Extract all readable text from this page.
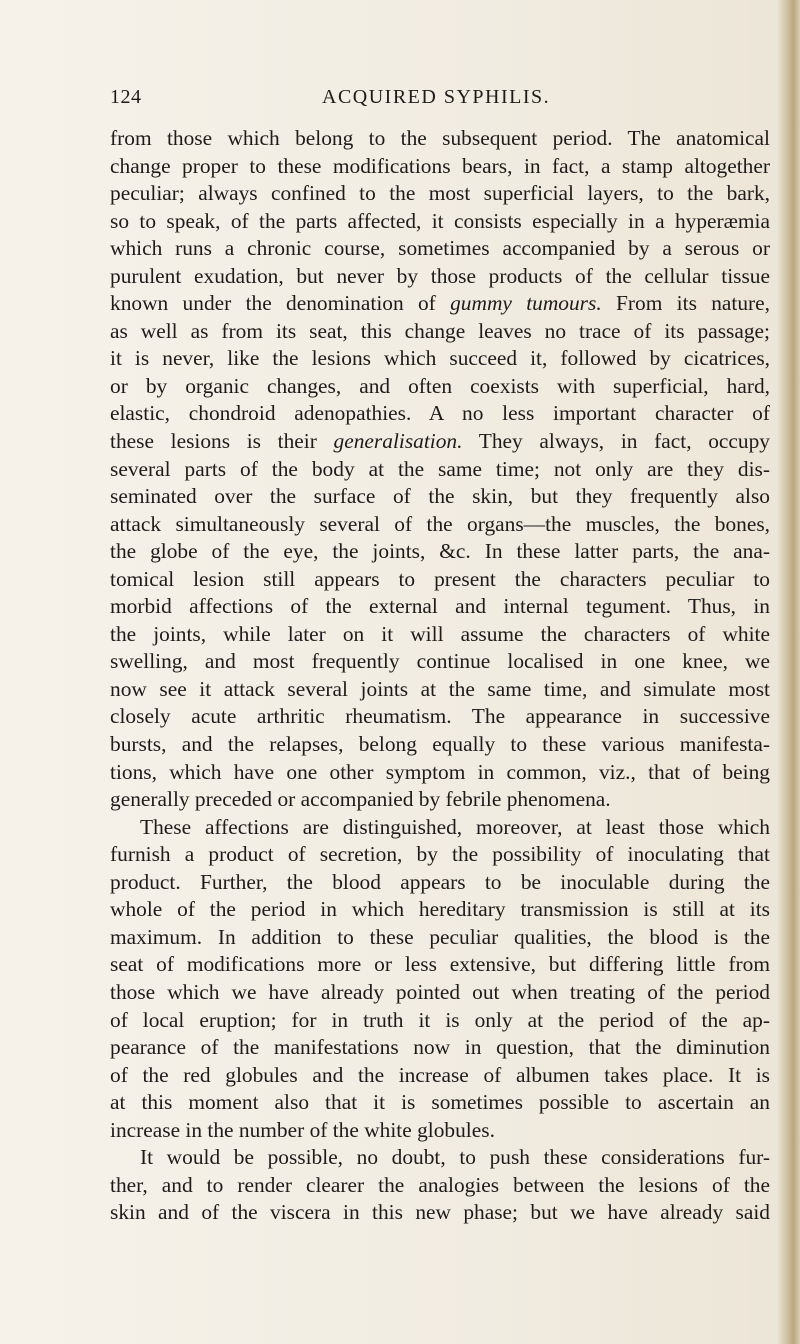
124	ACQUIRED SYPHILIS.
from those which belong to the subsequent period. The anatomical
change proper to these modifications bears, in fact, a stamp altogether
peculiar; always confined to the most superficial layers, to the bark,
so to speak, of the parts affected, it consists especially in a hyperæmia
which runs a chronic course, sometimes accompanied by a serous or
purulent exudation, but never by those products of the cellular tissue
known under the denomination of gummy tumours. From its nature,
as well as from its seat, this change leaves no trace of its passage;
it is never, like the lesions which succeed it, followed by cicatrices,
or by organic changes, and often coexists with superficial, hard,
elastic, chondroid adenopathies. A no less important character of
these lesions is their generalisation. They always, in fact, occupy
several parts of the body at the same time; not only are they dis-
seminated over the surface of the skin, but they frequently also
attack simultaneously several of the organs—the muscles, the bones,
the globe of the eye, the joints, &c. In these latter parts, the ana-
tomical lesion still appears to present the characters peculiar to
morbid affections of the external and internal tegument. Thus, in
the joints, while later on it will assume the characters of white
swelling, and most frequently continue localised in one knee, we
now see it attack several joints at the same time, and simulate most
closely acute arthritic rheumatism. The appearance in successive
bursts, and the relapses, belong equally to these various manifesta-
tions, which have one other symptom in common, viz., that of being
generally preceded or accompanied by febrile phenomena.
These affections are distinguished, moreover, at least those which
furnish a product of secretion, by the possibility of inoculating that
product. Further, the blood appears to be inoculable during the
whole of the period in which hereditary transmission is still at its
maximum. In addition to these peculiar qualities, the blood is the
seat of modifications more or less extensive, but differing little from
those which we have already pointed out when treating of the period
of local eruption; for in truth it is only at the period of the ap-
pearance of the manifestations now in question, that the diminution
of the red globules and the increase of albumen takes place. It is
at this moment also that it is sometimes possible to ascertain an
increase in the number of the white globules.
It would be possible, no doubt, to push these considerations fur-
ther, and to render clearer the analogies between the lesions of the
skin and of the viscera in this new phase; but we have already said
